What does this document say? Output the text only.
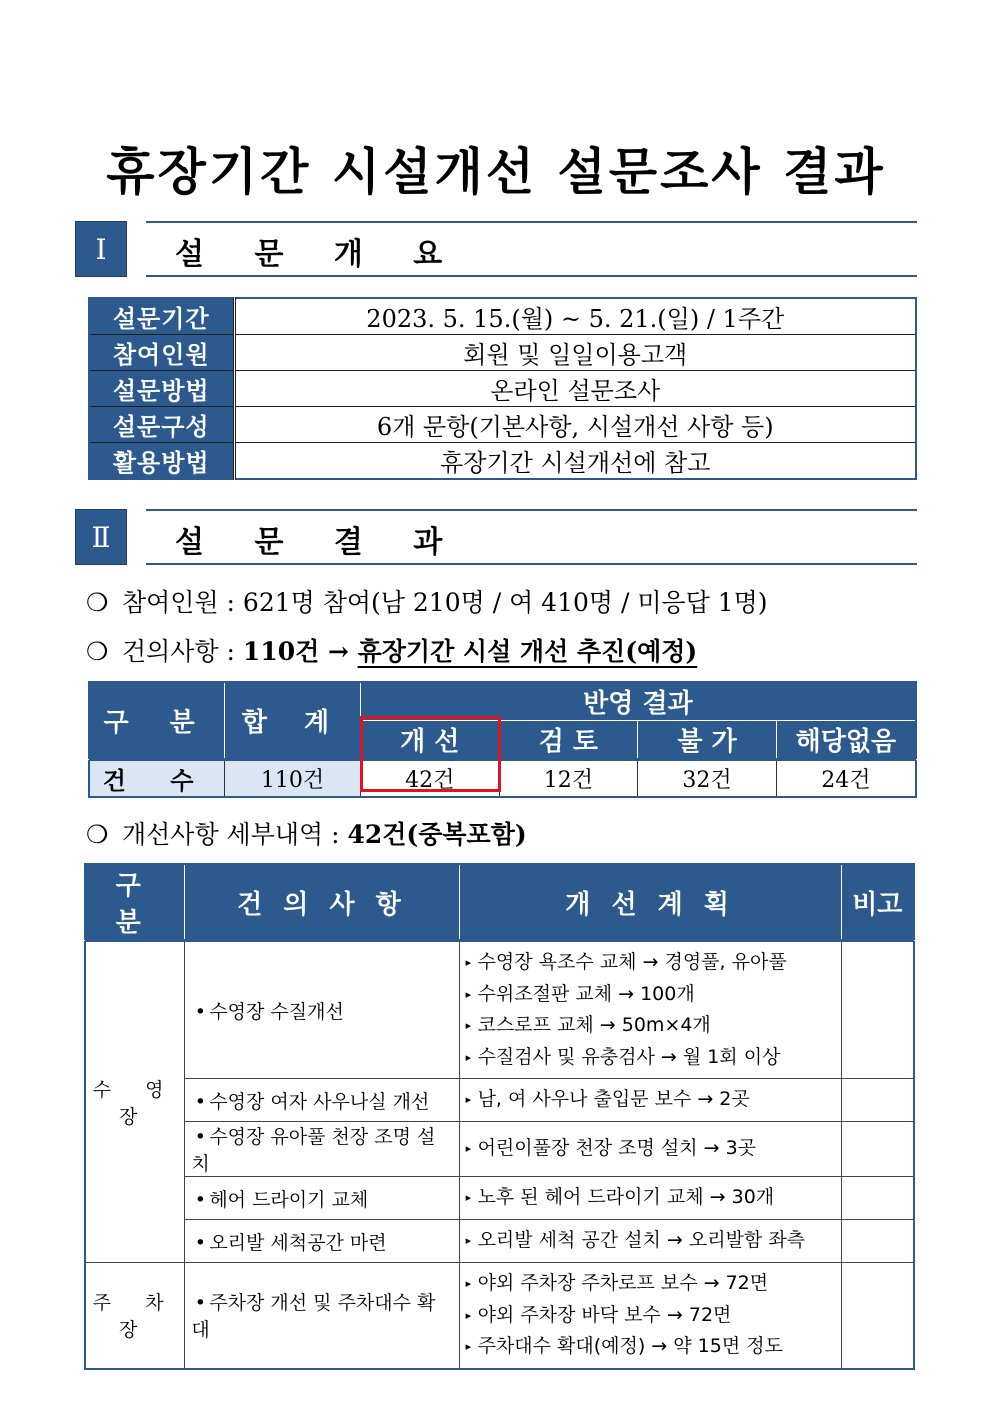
휴장기간 시설개선 설문조사 결과
Ⅰ	설 문 개 요
설문기간	2023. 5. 15.(월) ~ 5. 21.(일) / 1주간
참여인원	회원 및 일일이용고객
설문방법	온라인 설문조사
설문구성	6개 문항(기본사항, 시설개선 사항 등)
활용방법	휴장기간 시설개선에 참고
Ⅱ	설 문 결 과
❍ 참여인원 : 621명 참여(남 210명 / 여 410명 / 미응답 1명)
❍ 건의사항 : 110건 → 휴장기간 시설 개선 추진(예정)
구 분	합 계	반영 결과			
		개 선	검 토	불 가	해당없음
건 수	110건	42건	12건	32건	24건
❍ 개선사항 세부내역 : 42건(중복포함)
구 분	건 의 사 항	개 선 계 획	비고
수 영 장	• 수영장 수질개선	▸ 수영장 욕조수 교체 → 경영풀, 유아풀
▸ 수위조절판 교체 → 100개
▸ 코스로프 교체 → 50m×4개
▸ 수질검사 및 유충검사 → 월 1회 이상	

	• 수영장 여자 사우나실 개선	▸ 남, 여 사우나 출입문 보수 → 2곳	

	• 수영장 유아풀 천장 조명 설치	▸ 어린이풀장 천장 조명 설치 → 3곳	

	• 헤어 드라이기 교체	▸ 노후 된 헤어 드라이기 교체 → 30개	

	• 오리발 세척공간 마련	▸ 오리발 세척 공간 설치 → 오리발함 좌측	

주 차 장	• 주차장 개선 및 주차대수 확대	▸ 야외 주차장 주차로프 보수 → 72면
▸ 야외 주차장 바닥 보수 → 72면
▸ 주차대수 확대(예정) → 약 15면 정도	
